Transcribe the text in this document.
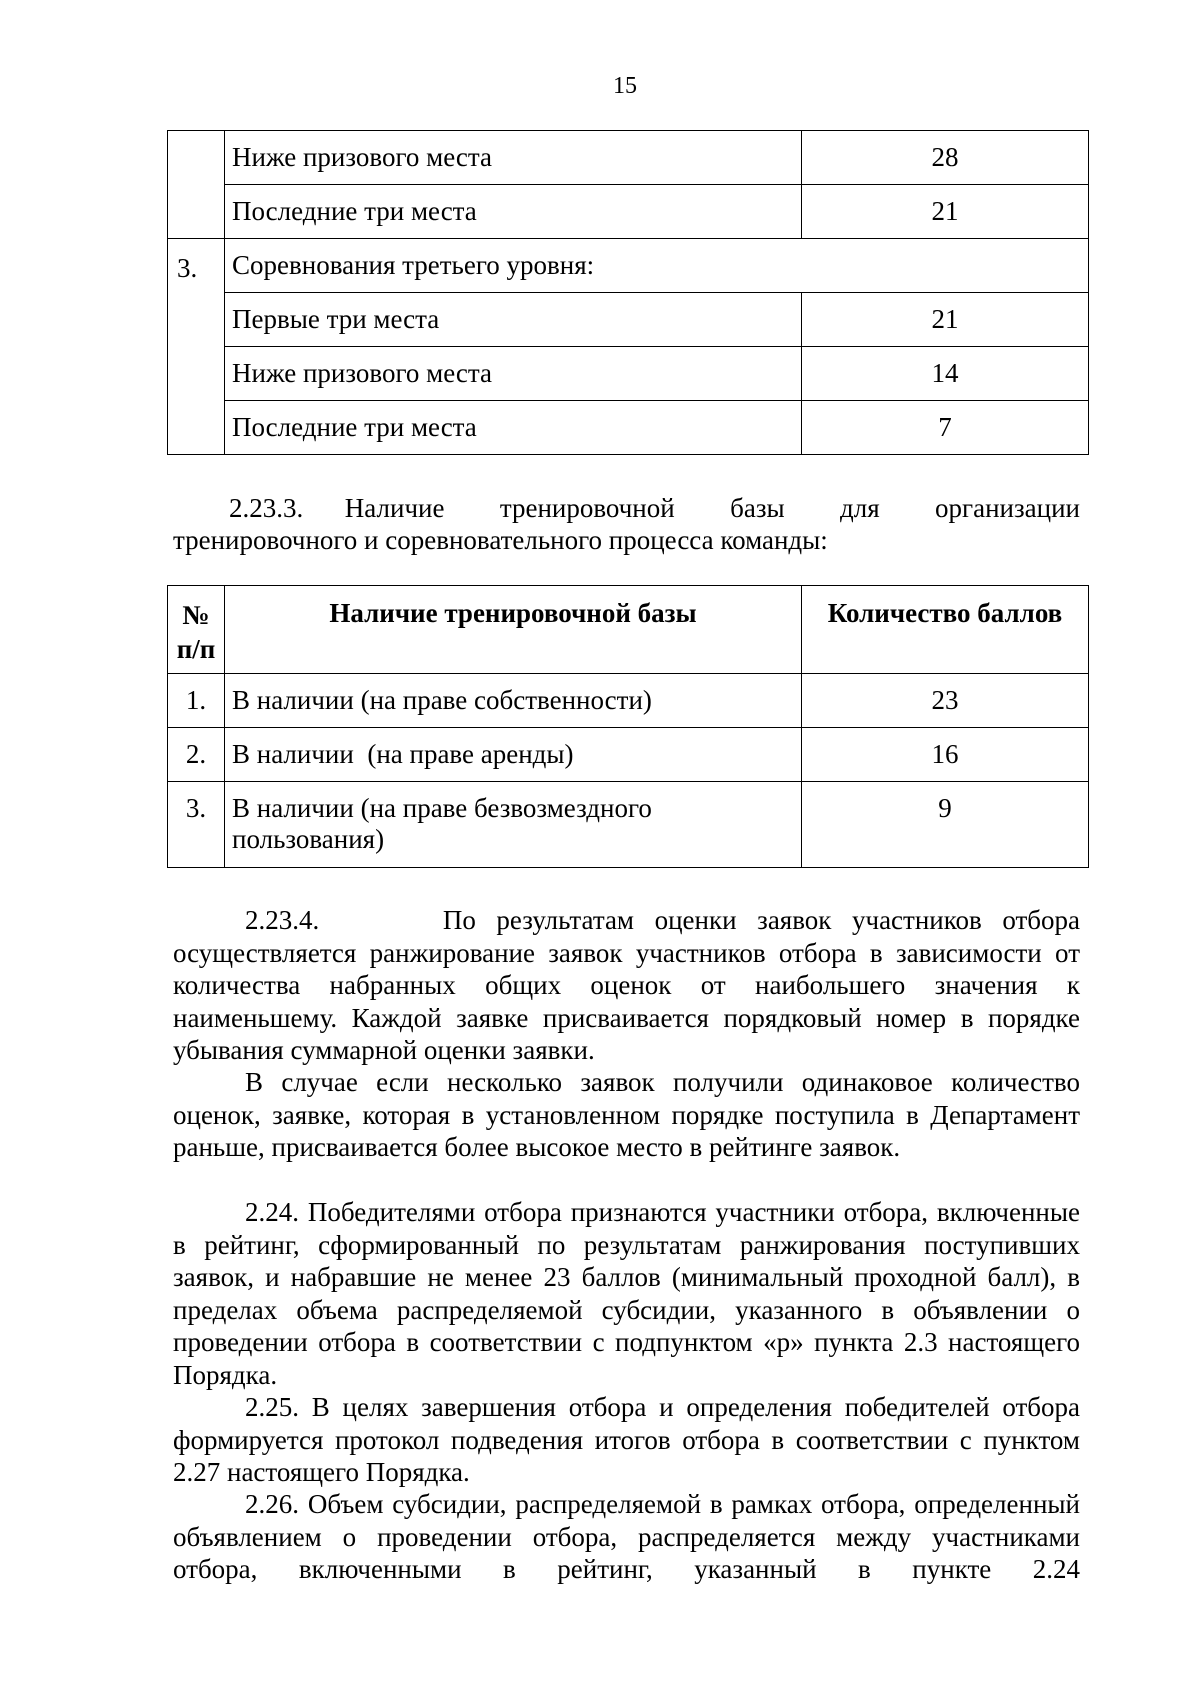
15
	Ниже призового места	28
	Последние три места	21
3.	Соревнования третьего уровня:	
	Первые три места	21
	Ниже призового места	14
	Последние три места	7

2.23.3.   Наличие    тренировочной    базы    для    организации

тренировочного и соревновательного процесса команды:

№ п/п	Наличие тренировочной базы	Количество баллов
1.	В наличии (на праве собственности)	23
2.	В наличии  (на праве аренды)	16
3.	В наличии (на праве безвозмездного пользования)	9

2.23.4.      По результатам оценки заявок участников отбора осуществляется ранжирование заявок участников отбора в зависимости от количества набранных общих оценок от наибольшего значения к наименьшему. Каждой заявке присваивается порядковый номер в порядке убывания суммарной оценки заявки.

В случае если несколько заявок получили одинаковое количество оценок, заявке, которая в установленном порядке поступила в Департамент раньше, присваивается более высокое место в рейтинге заявок.

2.24. Победителями отбора признаются участники отбора, включенные в рейтинг, сформированный по результатам ранжирования поступивших заявок, и набравшие не менее 23 баллов (минимальный проходной балл), в пределах объема распределяемой субсидии, указанного в объявлении о проведении отбора в соответствии с подпунктом «р» пункта 2.3 настоящего Порядка.

2.25. В целях завершения отбора и определения победителей отбора формируется протокол подведения итогов отбора в соответствии с пунктом 2.27 настоящего Порядка.

2.26. Объем субсидии, распределяемой в рамках отбора, определенный объявлением о проведении отбора, распределяется между участниками отбора, включенными в рейтинг, указанный в пункте 2.24
